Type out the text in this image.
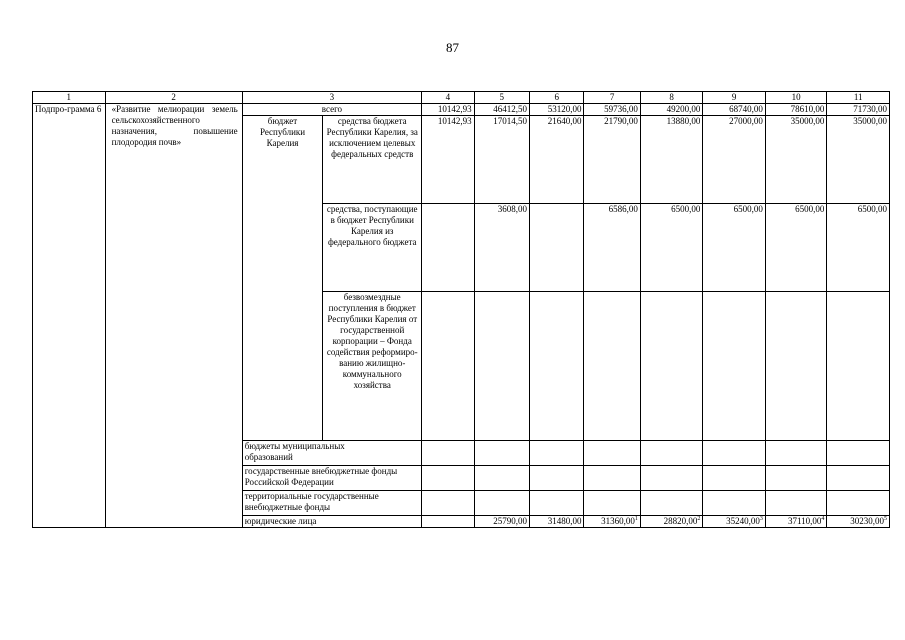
87
1	2	3		4	5	6	7	8	9	10	11
Подпро-грамма 6	«Развитие мелиорации земель сельскохозяйственного назначения, повышение плодородия почв»	всего		10142,93	46412,50	53120,00	59736,00	49200,00	68740,00	78610,00	71730,00
		бюджет Республики Карелия	средства бюджета Республики Карелия, за исключением целевых федеральных средств	10142,93	17014,50	21640,00	21790,00	13880,00	27000,00	35000,00	35000,00
			средства, поступающие в бюджет Республики Карелия из федерального бюджета		3608,00		6586,00	6500,00	6500,00	6500,00	6500,00
			безвозмездные поступления в бюджет Республики Карелия от государственной корпорации – Фонда содействия реформиро-ванию жилищно-коммунального хозяйства								
		бюджеты муниципальных образований									
		государственные внебюджетные фонды Российской Федерации									
		территориальные государственные внебюджетные фонды									
		юридические лица			25790,00	31480,00	31360,00$^1$	28820,00$^2$	35240,00$^3$	37110,00$^4$	30230,00$^5$
